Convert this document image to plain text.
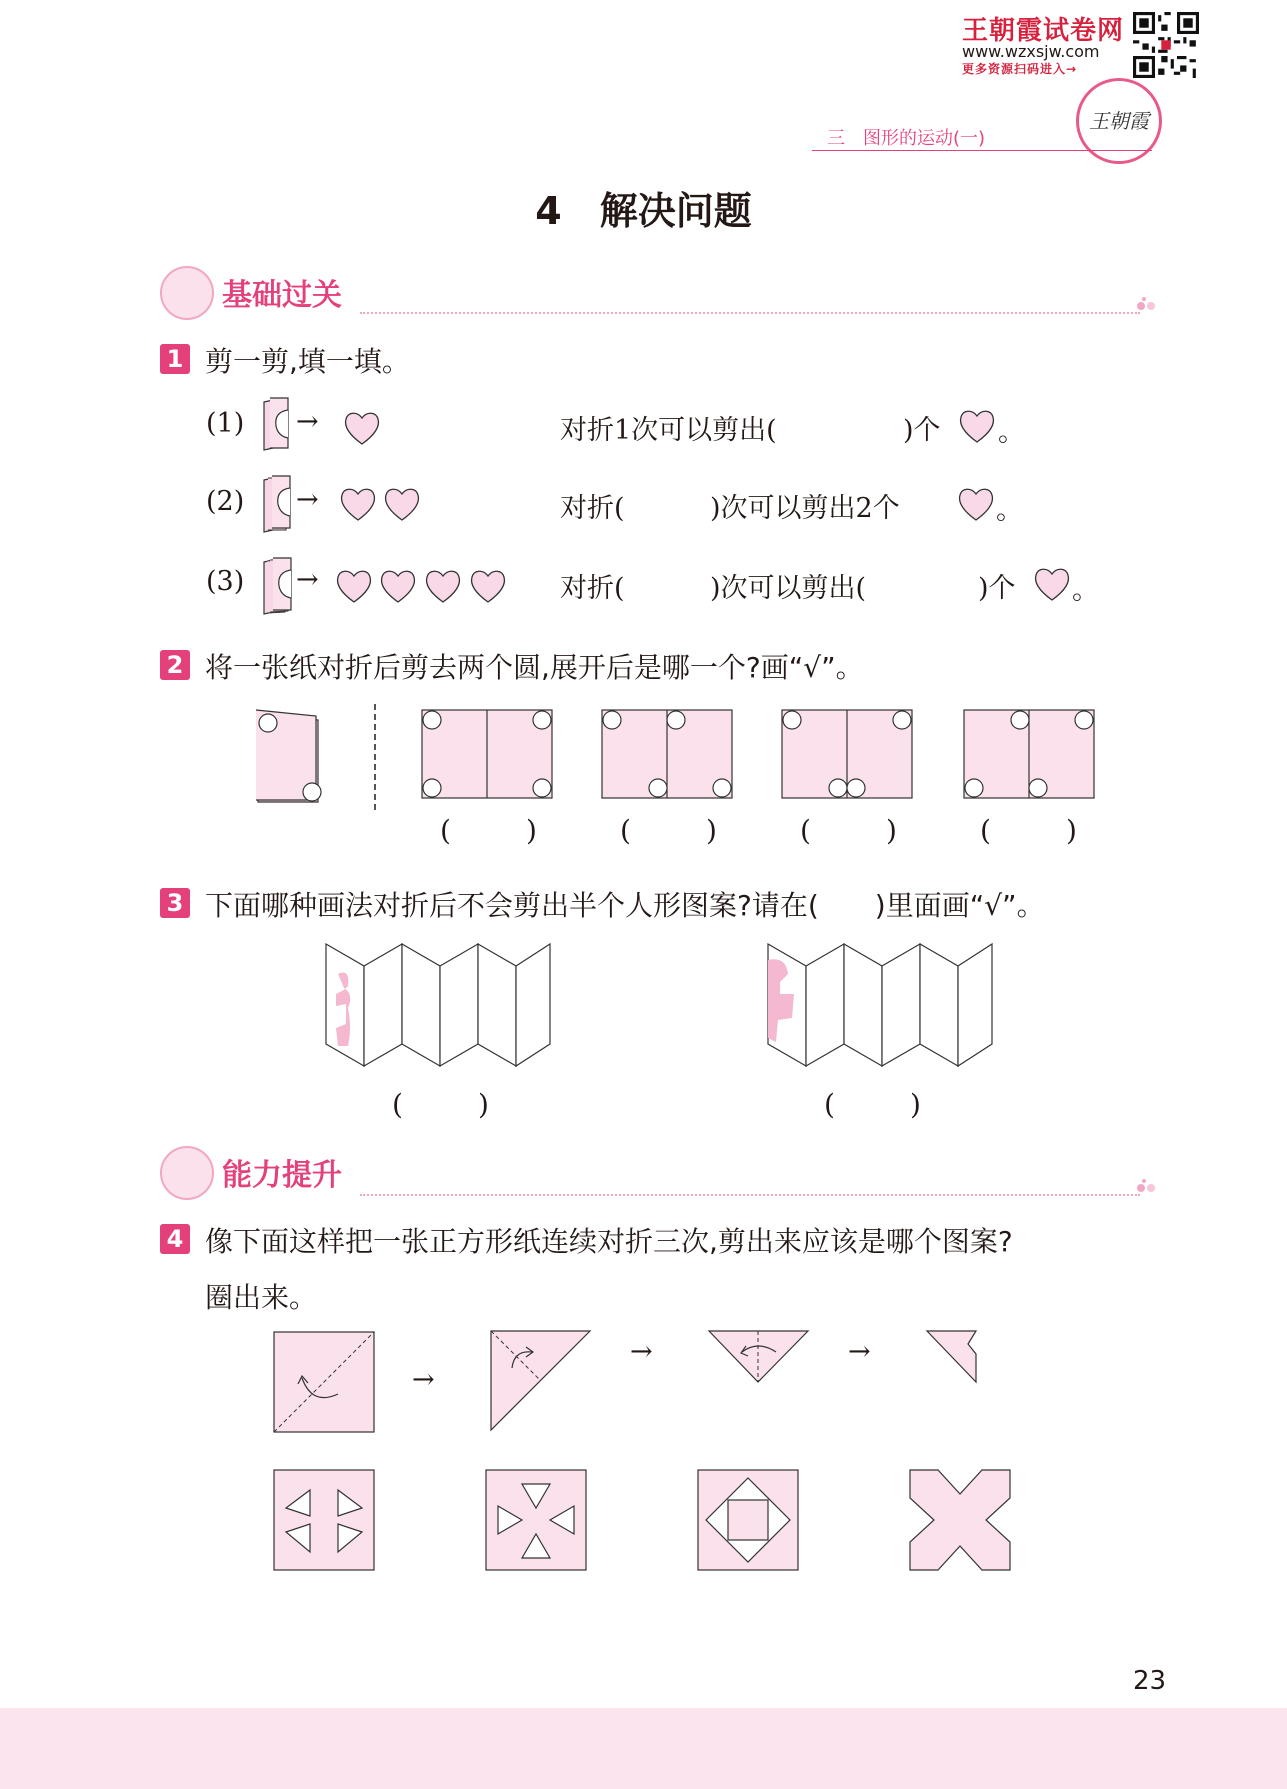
王朝霞试卷网
www.wzxsjw.com
更多资源扫码进入→
王朝霞
三　图形的运动(一)
4　解决问题
基础过关
1 剪一剪,填一填。
(1) →	对折1次可以剪出(	)个 。
(2) →	对折(	)次可以剪出2个	。
(3) →	对折(	)次可以剪出(	)个 。
2 将一张纸对折后剪去两个圆,展开后是哪一个?画“√”。
(	)	(	)	(	)	(	)
3 下面哪种画法对折后不会剪出半个人形图案?请在(　　)里面画“√”。
(	)	(	)
能力提升
4 像下面这样把一张正方形纸连续对折三次,剪出来应该是哪个图案?
圈出来。
→
→	→
23
